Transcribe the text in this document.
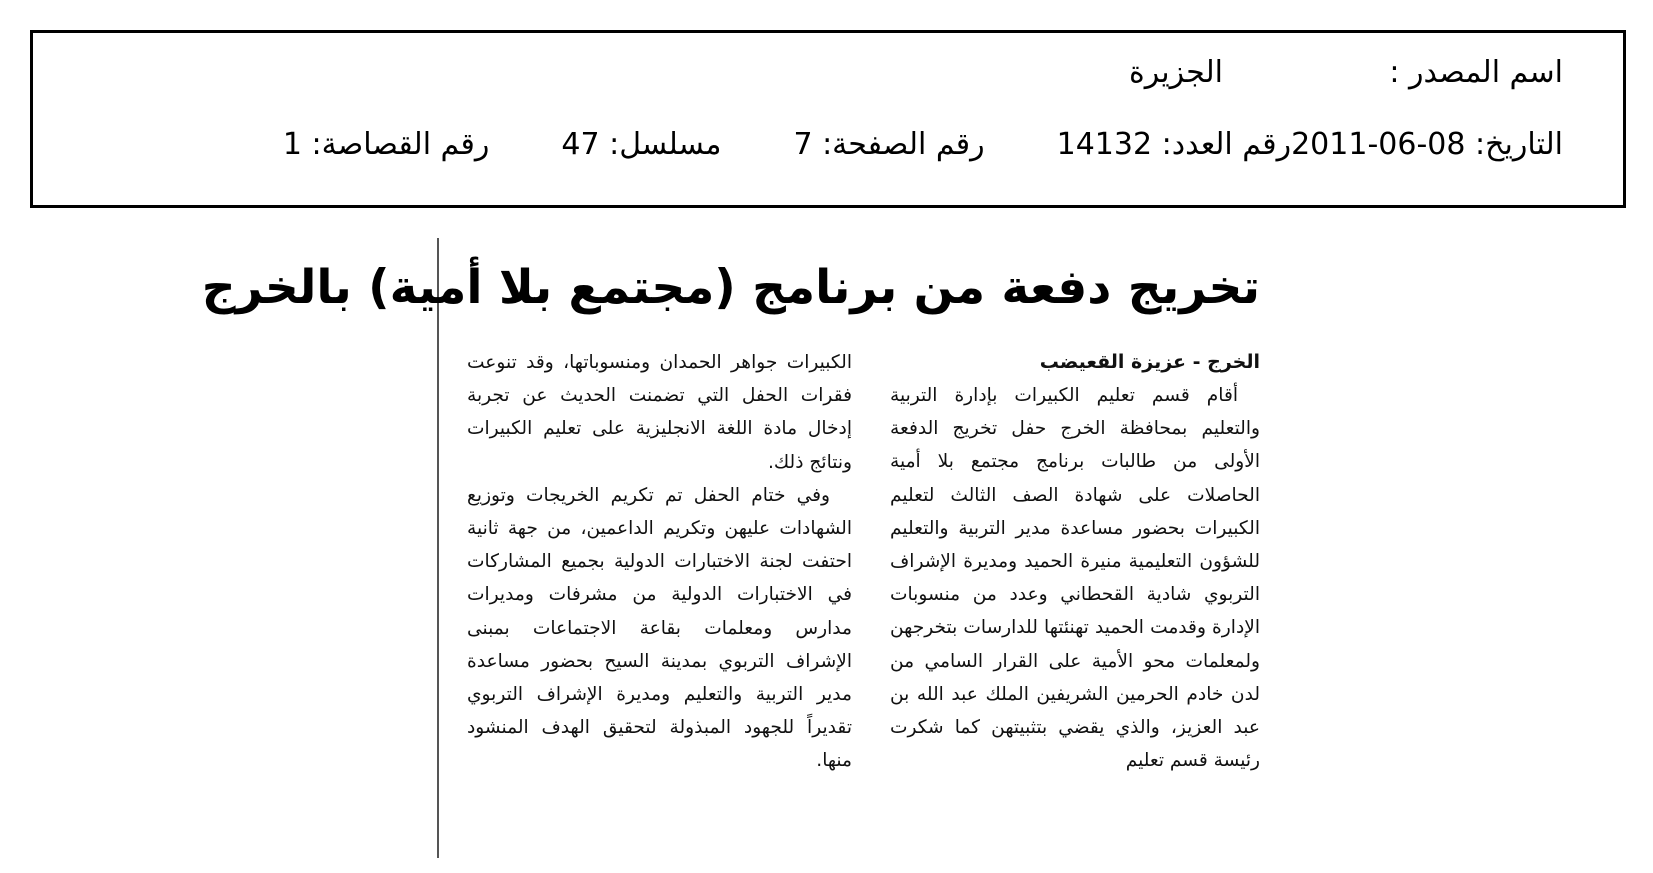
اسم المصدر :
الجزيرة
التاريخ: 08-06-2011
رقم العدد: 14132
رقم الصفحة: 7
مسلسل: 47
رقم القصاصة: 1
تخريج دفعة من برنامج (مجتمع بلا أمية) بالخرج

الخرج - عزيزة القعيضب

أقام قسم تعليم الكبيرات بإدارة التربية والتعليم بمحافظة الخرج حفل تخريج الدفعة الأولى من طالبات برنامج مجتمع بلا أمية الحاصلات على شهادة الصف الثالث لتعليم الكبيرات بحضور مساعدة مدير التربية والتعليم للشؤون التعليمية منيرة الحميد ومديرة الإشراف التربوي شادية القحطاني وعدد من منسوبات الإدارة وقدمت الحميد تهنئتها للدارسات بتخرجهن ولمعلمات محو الأمية على القرار السامي من لدن خادم الحرمين الشريفين الملك عبد الله بن عبد العزيز، والذي يقضي بتثبيتهن كما شكرت رئيسة قسم تعليم

الكبيرات جواهر الحمدان ومنسوباتها، وقد تنوعت فقرات الحفل التي تضمنت الحديث عن تجربة إدخال مادة اللغة الانجليزية على تعليم الكبيرات ونتائج ذلك.

وفي ختام الحفل تم تكريم الخريجات وتوزيع الشهادات عليهن وتكريم الداعمين، من جهة ثانية احتفت لجنة الاختبارات الدولية بجميع المشاركات في الاختبارات الدولية من مشرفات ومديرات مدارس ومعلمات بقاعة الاجتماعات بمبنى الإشراف التربوي بمدينة السيح بحضور مساعدة مدير التربية والتعليم ومديرة الإشراف التربوي تقديراً للجهود المبذولة لتحقيق الهدف المنشود منها.
